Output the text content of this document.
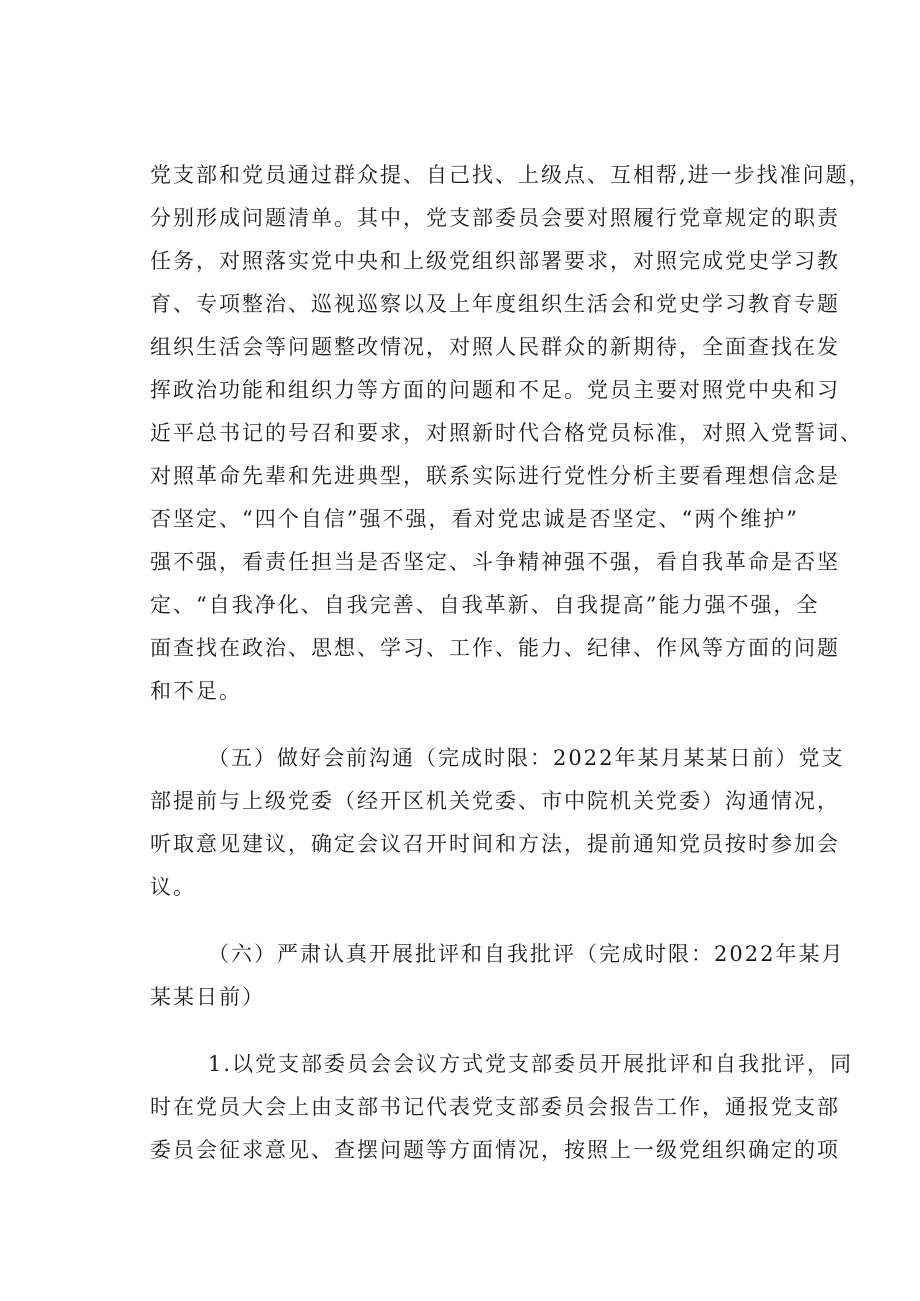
党支部和党员通过群众提、自己找、上级点、互相帮,进一步找准问题，
分别形成问题清单。其中，党支部委员会要对照履行党章规定的职责
任务，对照落实党中央和上级党组织部署要求，对照完成党史学习教
育、专项整治、巡视巡察以及上年度组织生活会和党史学习教育专题
组织生活会等问题整改情况，对照人民群众的新期待，全面查找在发
挥政治功能和组织力等方面的问题和不足。党员主要对照党中央和习
近平总书记的号召和要求，对照新时代合格党员标准，对照入党誓词、
对照革命先辈和先进典型，联系实际进行党性分析主要看理想信念是
否坚定、“四个自信”强不强，看对党忠诚是否坚定、“两个维护”
强不强，看责任担当是否坚定、斗争精神强不强，看自我革命是否坚
定、“自我净化、自我完善、自我革新、自我提高”能力强不强，全
面查找在政治、思想、学习、工作、能力、纪律、作风等方面的问题
和不足。
（五）做好会前沟通（完成时限：2022年某月某某日前）党支
部提前与上级党委（经开区机关党委、市中院机关党委）沟通情况，
听取意见建议，确定会议召开时间和方法，提前通知党员按时参加会
议。
（六）严肃认真开展批评和自我批评（完成时限：2022年某月
某某日前）
1.以党支部委员会会议方式党支部委员开展批评和自我批评，同
时在党员大会上由支部书记代表党支部委员会报告工作，通报党支部
委员会征求意见、查摆问题等方面情况，按照上一级党组织确定的项
